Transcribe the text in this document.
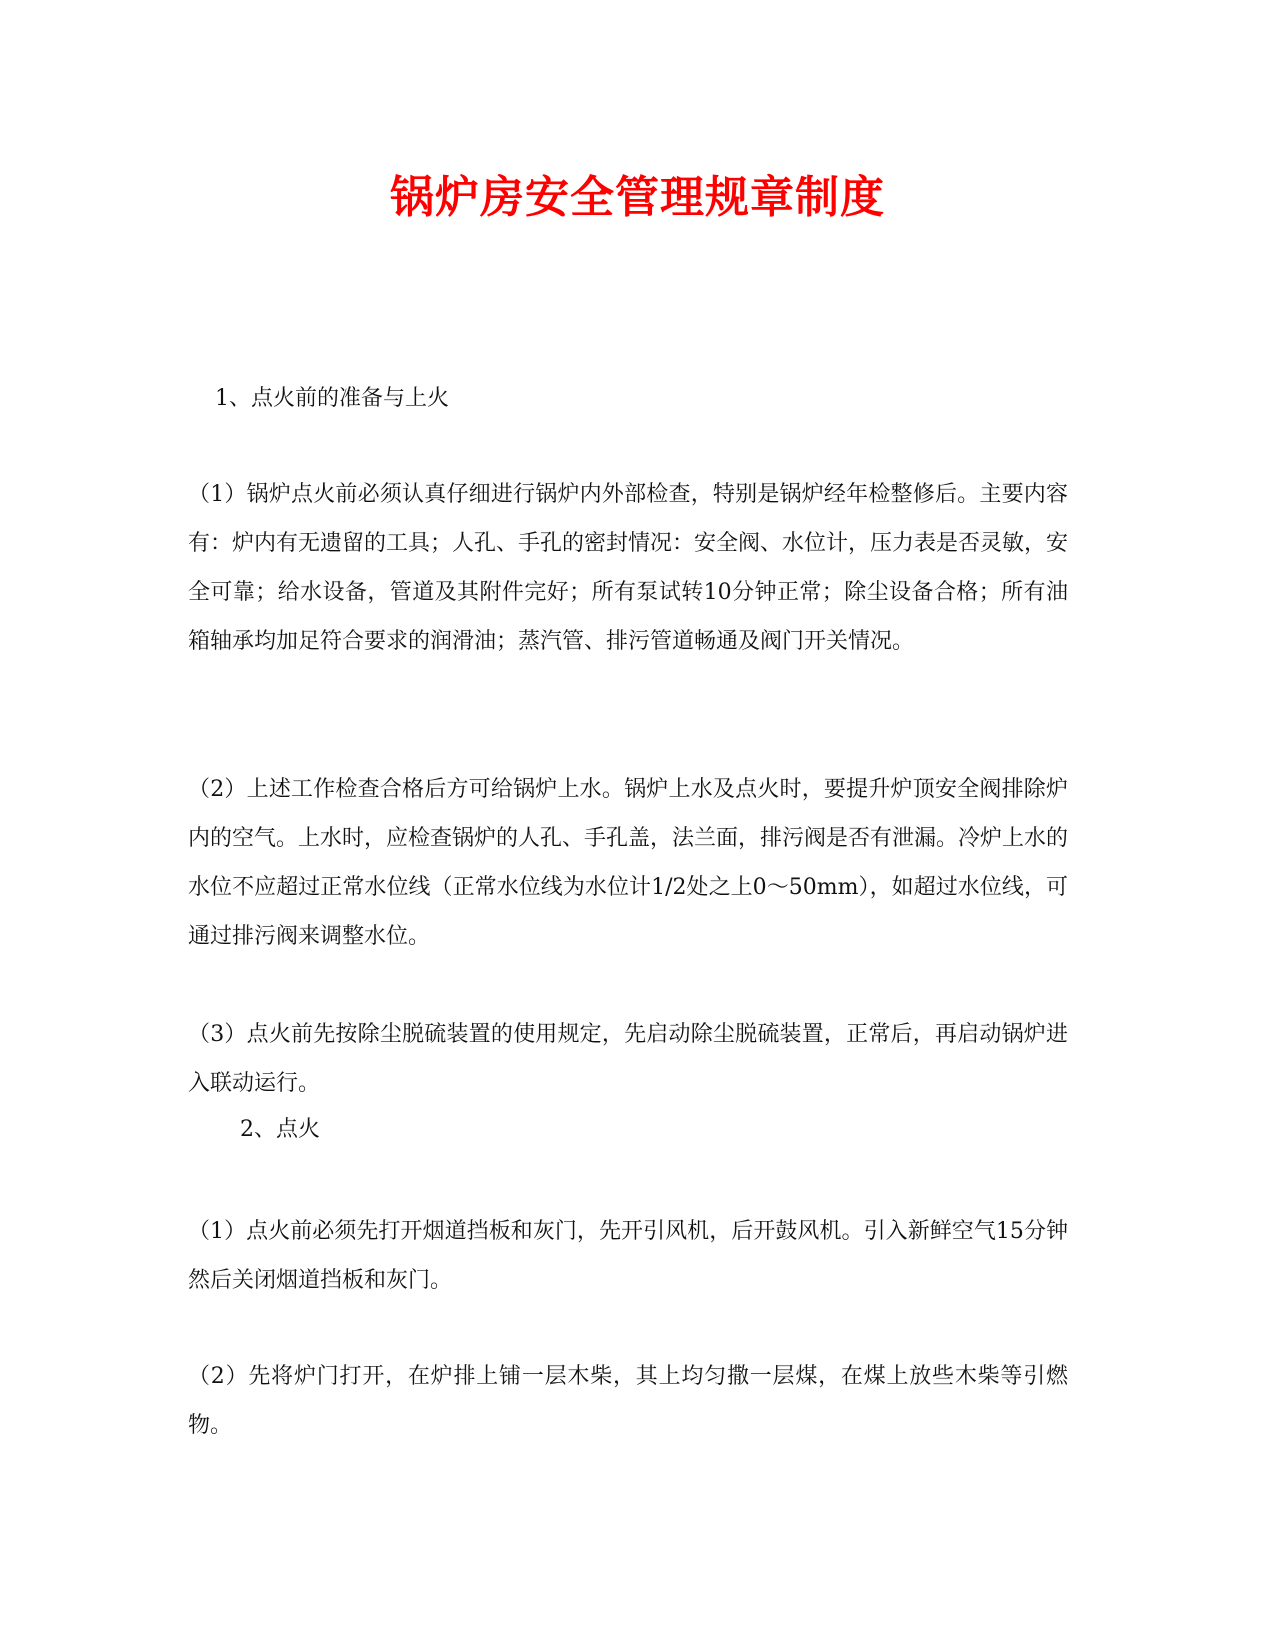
锅炉房安全管理规章制度

1、点火前的准备与上火

（1）锅炉点火前必须认真仔细进行锅炉内外部检查，特别是锅炉经年检整修后。主要内容有：炉内有无遗留的工具；人孔、手孔的密封情况：安全阀、水位计，压力表是否灵敏，安全可靠；给水设备，管道及其附件完好；所有泵试转10分钟正常；除尘设备合格；所有油箱轴承均加足符合要求的润滑油；蒸汽管、排污管道畅通及阀门开关情况。

（2）上述工作检查合格后方可给锅炉上水。锅炉上水及点火时，要提升炉顶安全阀排除炉内的空气。上水时，应检查锅炉的人孔、手孔盖，法兰面，排污阀是否有泄漏。冷炉上水的水位不应超过正常水位线（正常水位线为水位计1/2处之上0～50mm），如超过水位线，可通过排污阀来调整水位。

（3）点火前先按除尘脱硫装置的使用规定，先启动除尘脱硫装置，正常后，再启动锅炉进入联动运行。

2、点火

（1）点火前必须先打开烟道挡板和灰门，先开引风机，后开鼓风机。引入新鲜空气15分钟然后关闭烟道挡板和灰门。

（2）先将炉门打开，在炉排上铺一层木柴，其上均匀撒一层煤，在煤上放些木柴等引燃物。
